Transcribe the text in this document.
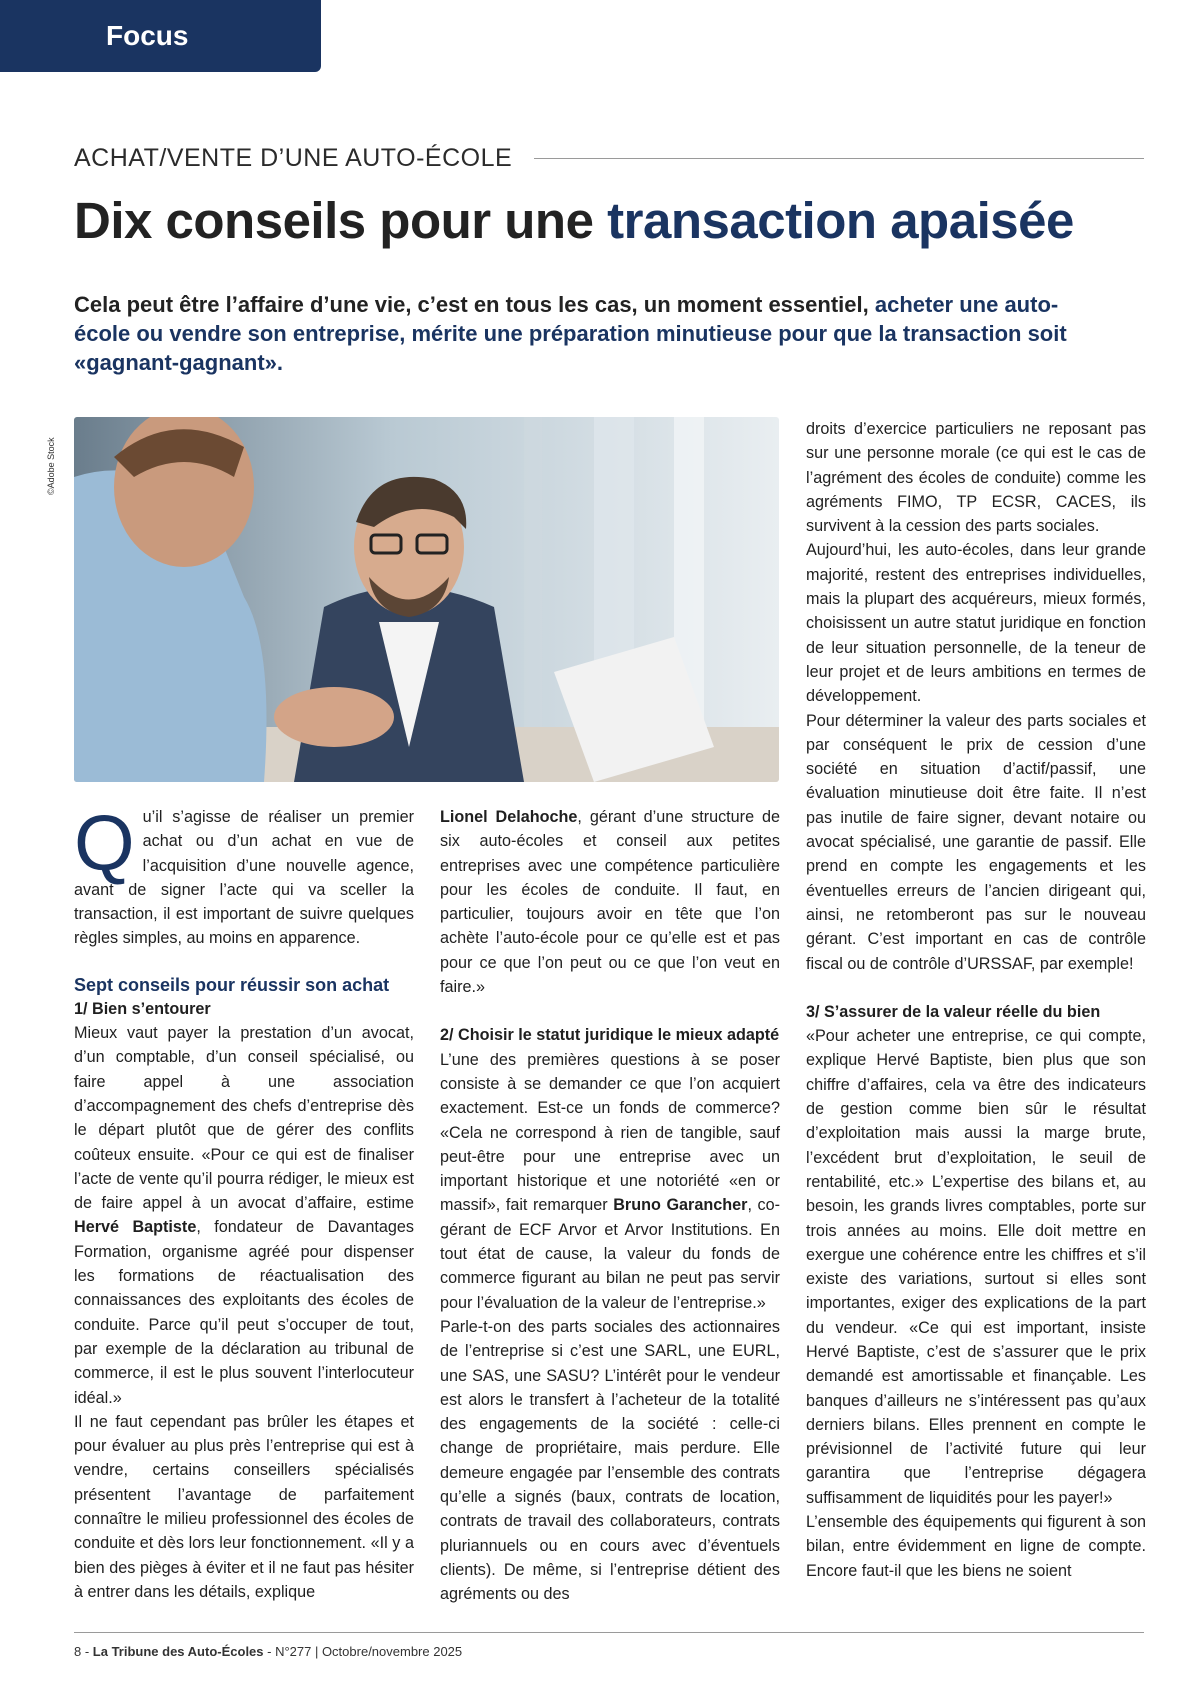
Focus
ACHAT/VENTE D’UNE AUTO-ÉCOLE
Dix conseils pour une transaction apaisée

Cela peut être l’affaire d’une vie, c’est en tous les cas, un moment essentiel, acheter une auto-école ou vendre son entreprise, mérite une préparation minutieuse pour que la transaction soit «gagnant-gagnant».

©Adobe Stock

Qu’il s’agisse de réaliser un premier achat ou d’un achat en vue de l’acquisition d’une nouvelle agence, avant de signer l’acte qui va sceller la transaction, il est important de suivre quelques règles simples, au moins en apparence.

Sept conseils pour réussir son achat

1/ Bien s’entourer

Mieux vaut payer la prestation d’un avocat, d’un comptable, d’un conseil spécialisé, ou faire appel à une association d’accompagnement des chefs d’entreprise dès le départ plutôt que de gérer des conflits coûteux ensuite. «Pour ce qui est de finaliser l’acte de vente qu’il pourra rédiger, le mieux est de faire appel à un avocat d’affaire, estime Hervé Baptiste, fondateur de Davantages Formation, organisme agréé pour dispenser les formations de réactualisation des connaissances des exploitants des écoles de conduite. Parce qu’il peut s’occuper de tout, par exemple de la déclaration au tribunal de commerce, il est le plus souvent l’interlocuteur idéal.»

Il ne faut cependant pas brûler les étapes et pour évaluer au plus près l’entreprise qui est à vendre, certains conseillers spécialisés présentent l’avantage de parfaitement connaître le milieu professionnel des écoles de conduite et dès lors leur fonctionnement. «Il y a bien des pièges à éviter et il ne faut pas hésiter à entrer dans les détails, explique

Lionel Delahoche, gérant d’une structure de six auto-écoles et conseil aux petites entreprises avec une compétence particulière pour les écoles de conduite. Il faut, en particulier, toujours avoir en tête que l’on achète l’auto-école pour ce qu’elle est et pas pour ce que l’on peut ou ce que l’on veut en faire.»

2/ Choisir le statut juridique le mieux adapté

L’une des premières questions à se poser consiste à se demander ce que l’on acquiert exactement. Est-ce un fonds de commerce? «Cela ne correspond à rien de tangible, sauf peut-être pour une entreprise avec un important historique et une notoriété «en or massif», fait remarquer Bruno Garancher, co-gérant de ECF Arvor et Arvor Institutions. En tout état de cause, la valeur du fonds de commerce figurant au bilan ne peut pas servir pour l’évaluation de la valeur de l’entreprise.»

Parle-t-on des parts sociales des actionnaires de l’entreprise si c’est une SARL, une EURL, une SAS, une SASU? L’intérêt pour le vendeur est alors le transfert à l’acheteur de la totalité des engagements de la société : celle-ci change de propriétaire, mais perdure. Elle demeure engagée par l’ensemble des contrats qu’elle a signés (baux, contrats de location, contrats de travail des collaborateurs, contrats pluriannuels ou en cours avec d’éventuels clients). De même, si l’entreprise détient des agréments ou des

droits d’exercice particuliers ne reposant pas sur une personne morale (ce qui est le cas de l’agrément des écoles de conduite) comme les agréments FIMO, TP ECSR, CACES, ils survivent à la cession des parts sociales.

Aujourd’hui, les auto-écoles, dans leur grande majorité, restent des entreprises individuelles, mais la plupart des acquéreurs, mieux formés, choisissent un autre statut juridique en fonction de leur situation personnelle, de la teneur de leur projet et de leurs ambitions en termes de développement.

Pour déterminer la valeur des parts sociales et par conséquent le prix de cession d’une société en situation d’actif/passif, une évaluation minutieuse doit être faite. Il n’est pas inutile de faire signer, devant notaire ou avocat spécialisé, une garantie de passif. Elle prend en compte les engagements et les éventuelles erreurs de l’ancien dirigeant qui, ainsi, ne retomberont pas sur le nouveau gérant. C’est important en cas de contrôle fiscal ou de contrôle d’URSSAF, par exemple!

3/ S’assurer de la valeur réelle du bien

«Pour acheter une entreprise, ce qui compte, explique Hervé Baptiste, bien plus que son chiffre d’affaires, cela va être des indicateurs de gestion comme bien sûr le résultat d’exploitation mais aussi la marge brute, l’excédent brut d’exploitation, le seuil de rentabilité, etc.» L’expertise des bilans et, au besoin, les grands livres comptables, porte sur trois années au moins. Elle doit mettre en exergue une cohérence entre les chiffres et s’il existe des variations, surtout si elles sont importantes, exiger des explications de la part du vendeur. «Ce qui est important, insiste Hervé Baptiste, c’est de s’assurer que le prix demandé est amortissable et finançable. Les banques d’ailleurs ne s’intéressent pas qu’aux derniers bilans. Elles prennent en compte le prévisionnel de l’activité future qui leur garantira que l’entreprise dégagera suffisamment de liquidités pour les payer!»

L’ensemble des équipements qui figurent à son bilan, entre évidemment en ligne de compte. Encore faut-il que les biens ne soient

8 - La Tribune des Auto-Écoles - N°277 | Octobre/novembre 2025
